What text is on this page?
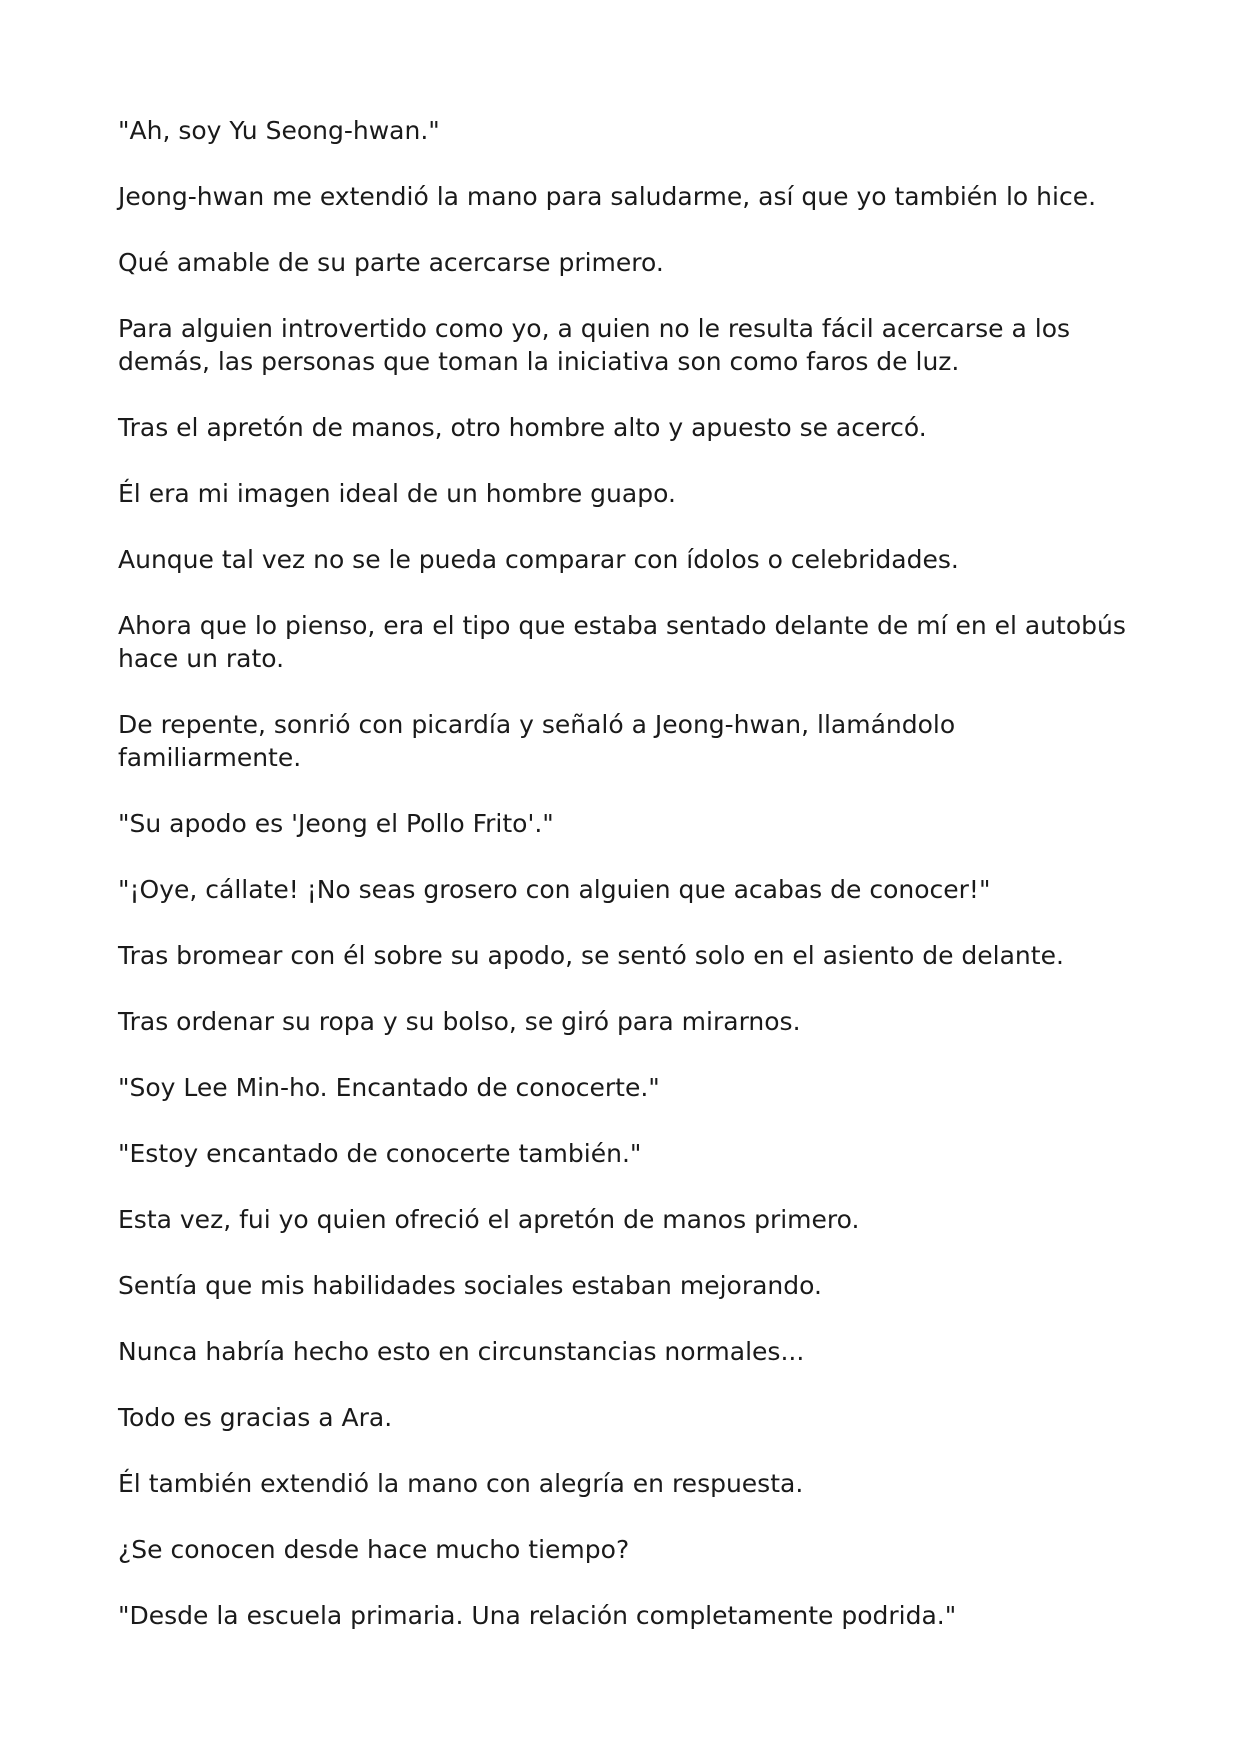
"Ah, soy Yu Seong-hwan."

Jeong-hwan me extendió la mano para saludarme, así que yo también lo hice.

Qué amable de su parte acercarse primero.

Para alguien introvertido como yo, a quien no le resulta fácil acercarse a los demás, las personas que toman la iniciativa son como faros de luz.

Tras el apretón de manos, otro hombre alto y apuesto se acercó.

Él era mi imagen ideal de un hombre guapo.

Aunque tal vez no se le pueda comparar con ídolos o celebridades.

Ahora que lo pienso, era el tipo que estaba sentado delante de mí en el autobús hace un rato.

De repente, sonrió con picardía y señaló a Jeong-hwan, llamándolo familiarmente.

"Su apodo es 'Jeong el Pollo Frito'."

"¡Oye, cállate! ¡No seas grosero con alguien que acabas de conocer!"

Tras bromear con él sobre su apodo, se sentó solo en el asiento de delante.

Tras ordenar su ropa y su bolso, se giró para mirarnos.

"Soy Lee Min-ho. Encantado de conocerte."

"Estoy encantado de conocerte también."

Esta vez, fui yo quien ofreció el apretón de manos primero.

Sentía que mis habilidades sociales estaban mejorando.

Nunca habría hecho esto en circunstancias normales...

Todo es gracias a Ara.

Él también extendió la mano con alegría en respuesta.

¿Se conocen desde hace mucho tiempo?

"Desde la escuela primaria. Una relación completamente podrida."
